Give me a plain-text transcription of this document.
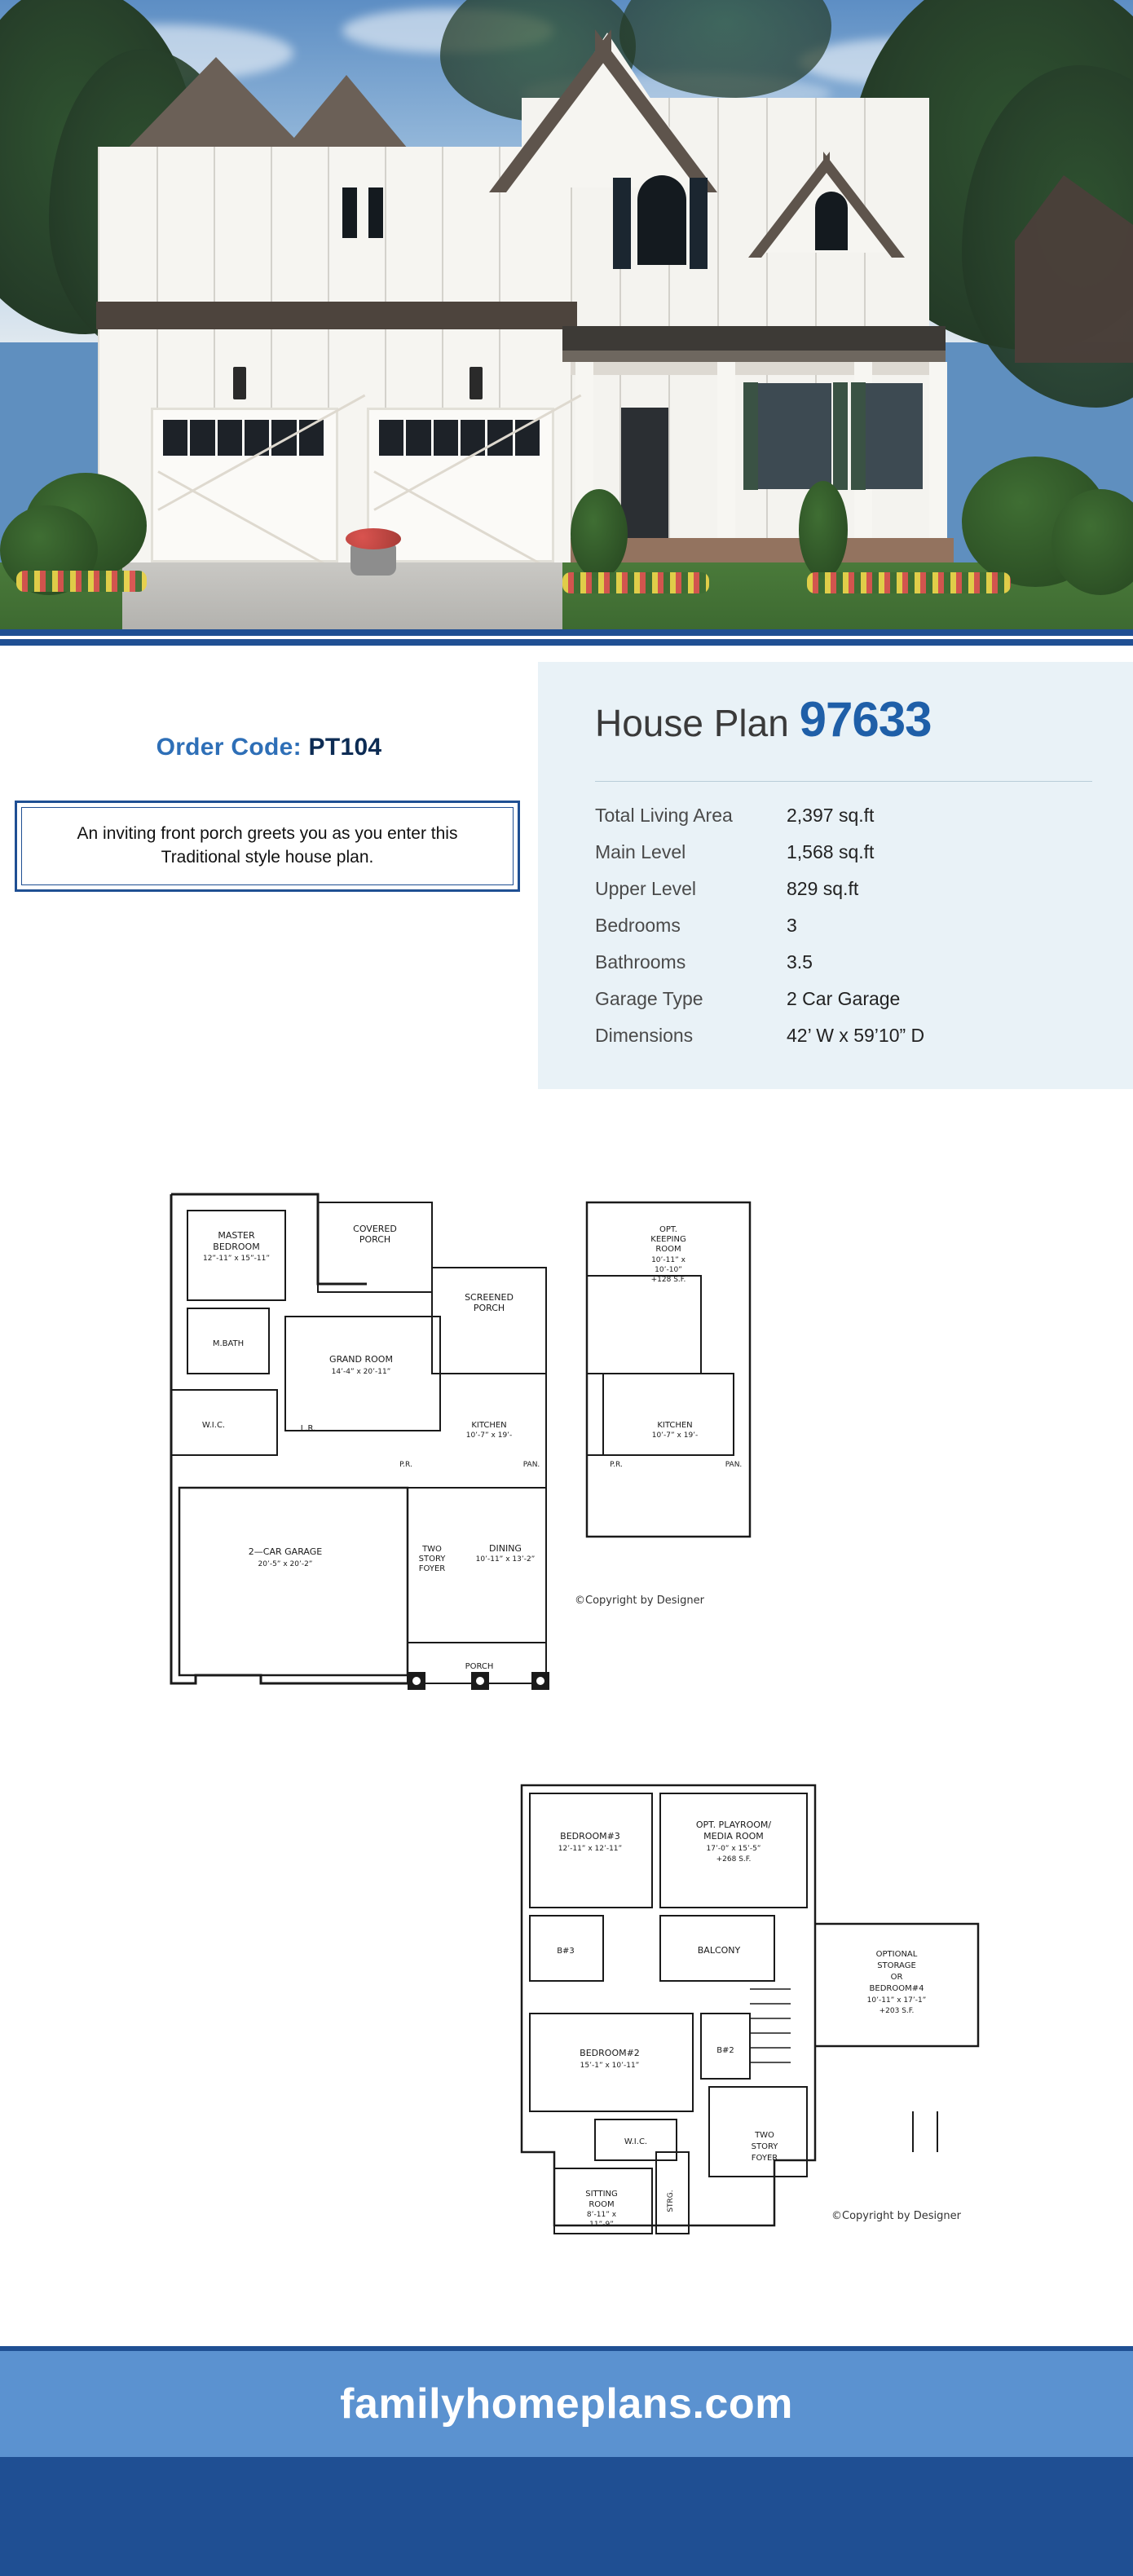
Order Code: PT104
An inviting front porch greets you as you enter this Traditional style house plan.
House Plan 97633
Total Living Area	2,397 sq.ft
Main Level	1,568 sq.ft
Upper Level	829 sq.ft
Bedrooms	3
Bathrooms	3.5
Garage Type	2 Car Garage
Dimensions	42’ W x 59’10” D
MASTER
BEDROOM
12”-11” x 15”-11”
COVERED
PORCH
SCREENED
PORCH
OPT.
KEEPING
ROOM
10’-11” x
10’-10”
+128 S.F.
M.BATH
GRAND ROOM
14’-4” x 20’-11”
KITCHEN
10’-7” x 19’-
KITCHEN
10’-7” x 19’-
W.I.C.	L.R.
P.R.	PAN.	P.R.	PAN.
2—CAR GARAGE
20’-5” x 20’-2”
TWO
STORY
FOYER
DINING
10’-11” x 13’-2”
PORCH
©Copyright by Designer
BEDROOM#3
12’-11” x 12’-11”
OPT. PLAYROOM/
MEDIA ROOM
17’-0” x 15’-5”
+268 S.F.
OPTIONAL
STORAGE
OR
BEDROOM#4
10’-11” x 17’-1”
+203 S.F.
B#3	BALCONY
BEDROOM#2
15’-1” x 10’-11”
B#2
W.I.C.
TWO
STORY
FOYER
SITTING
ROOM
8’-11” x
11”-9”
STRG.
©Copyright by Designer
familyhomeplans.com
